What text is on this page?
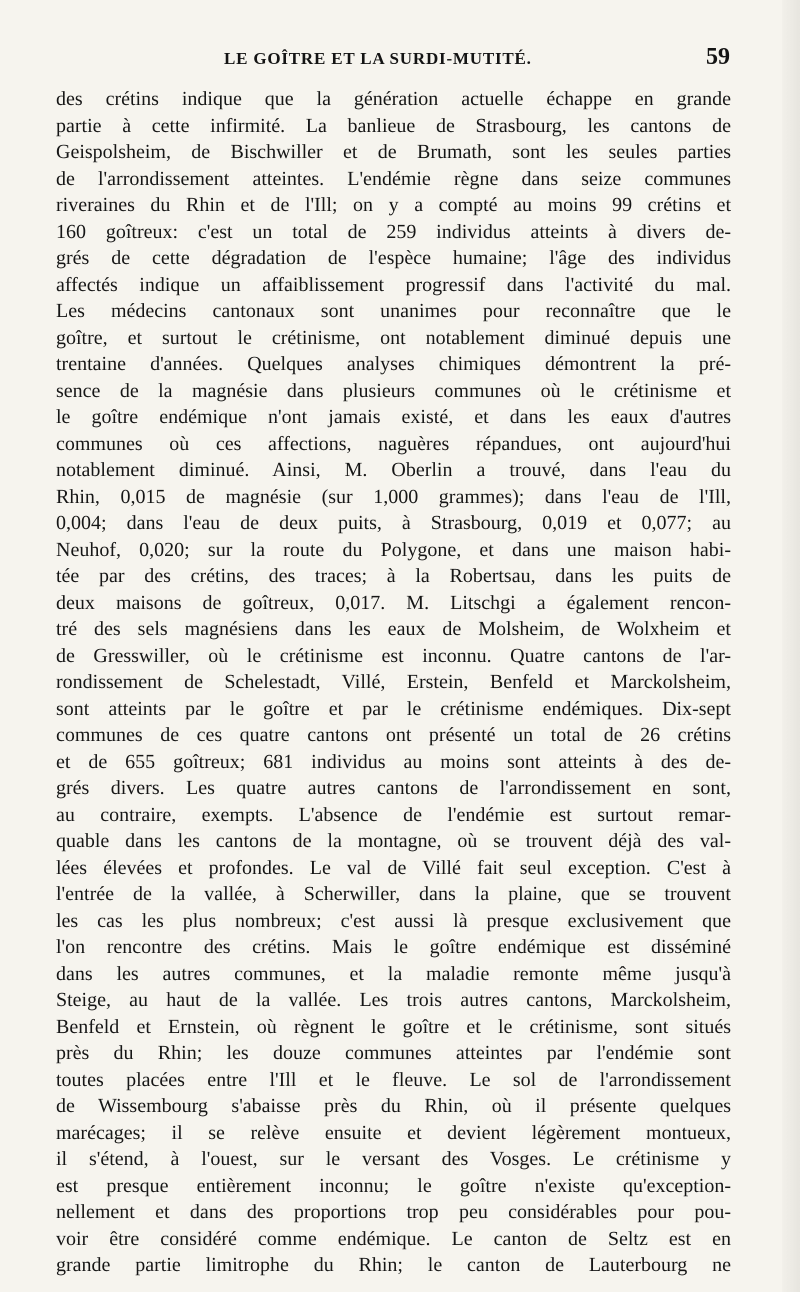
LE GOÎTRE ET LA SURDI-MUTITÉ.	59
des crétins indique que la génération actuelle échappe en grande
partie à cette infirmité. La banlieue de Strasbourg, les cantons de
Geispolsheim, de Bischwiller et de Brumath, sont les seules parties
de l'arrondissement atteintes. L'endémie règne dans seize communes
riveraines du Rhin et de l'Ill; on y a compté au moins 99 crétins et
160 goîtreux: c'est un total de 259 individus atteints à divers de-
grés de cette dégradation de l'espèce humaine; l'âge des individus
affectés indique un affaiblissement progressif dans l'activité du mal.
Les médecins cantonaux sont unanimes pour reconnaître que le
goître, et surtout le crétinisme, ont notablement diminué depuis une
trentaine d'années. Quelques analyses chimiques démontrent la pré-
sence de la magnésie dans plusieurs communes où le crétinisme et
le goître endémique n'ont jamais existé, et dans les eaux d'autres
communes où ces affections, naguères répandues, ont aujourd'hui
notablement diminué. Ainsi, M. Oberlin a trouvé, dans l'eau du
Rhin, 0,015 de magnésie (sur 1,000 grammes); dans l'eau de l'Ill,
0,004; dans l'eau de deux puits, à Strasbourg, 0,019 et 0,077; au
Neuhof, 0,020; sur la route du Polygone, et dans une maison habi-
tée par des crétins, des traces; à la Robertsau, dans les puits de
deux maisons de goîtreux, 0,017. M. Litschgi a également rencon-
tré des sels magnésiens dans les eaux de Molsheim, de Wolxheim et
de Gresswiller, où le crétinisme est inconnu. Quatre cantons de l'ar-
rondissement de Schelestadt, Villé, Erstein, Benfeld et Marckolsheim,
sont atteints par le goître et par le crétinisme endémiques. Dix-sept
communes de ces quatre cantons ont présenté un total de 26 crétins
et de 655 goîtreux; 681 individus au moins sont atteints à des de-
grés divers. Les quatre autres cantons de l'arrondissement en sont,
au contraire, exempts. L'absence de l'endémie est surtout remar-
quable dans les cantons de la montagne, où se trouvent déjà des val-
lées élevées et profondes. Le val de Villé fait seul exception. C'est à
l'entrée de la vallée, à Scherwiller, dans la plaine, que se trouvent
les cas les plus nombreux; c'est aussi là presque exclusivement que
l'on rencontre des crétins. Mais le goître endémique est disséminé
dans les autres communes, et la maladie remonte même jusqu'à
Steige, au haut de la vallée. Les trois autres cantons, Marckolsheim,
Benfeld et Ernstein, où règnent le goître et le crétinisme, sont situés
près du Rhin; les douze communes atteintes par l'endémie sont
toutes placées entre l'Ill et le fleuve. Le sol de l'arrondissement
de Wissembourg s'abaisse près du Rhin, où il présente quelques
marécages; il se relève ensuite et devient légèrement montueux,
il s'étend, à l'ouest, sur le versant des Vosges. Le crétinisme y
est presque entièrement inconnu; le goître n'existe qu'exception-
nellement et dans des proportions trop peu considérables pour pou-
voir être considéré comme endémique. Le canton de Seltz est en
grande partie limitrophe du Rhin; le canton de Lauterbourg ne
